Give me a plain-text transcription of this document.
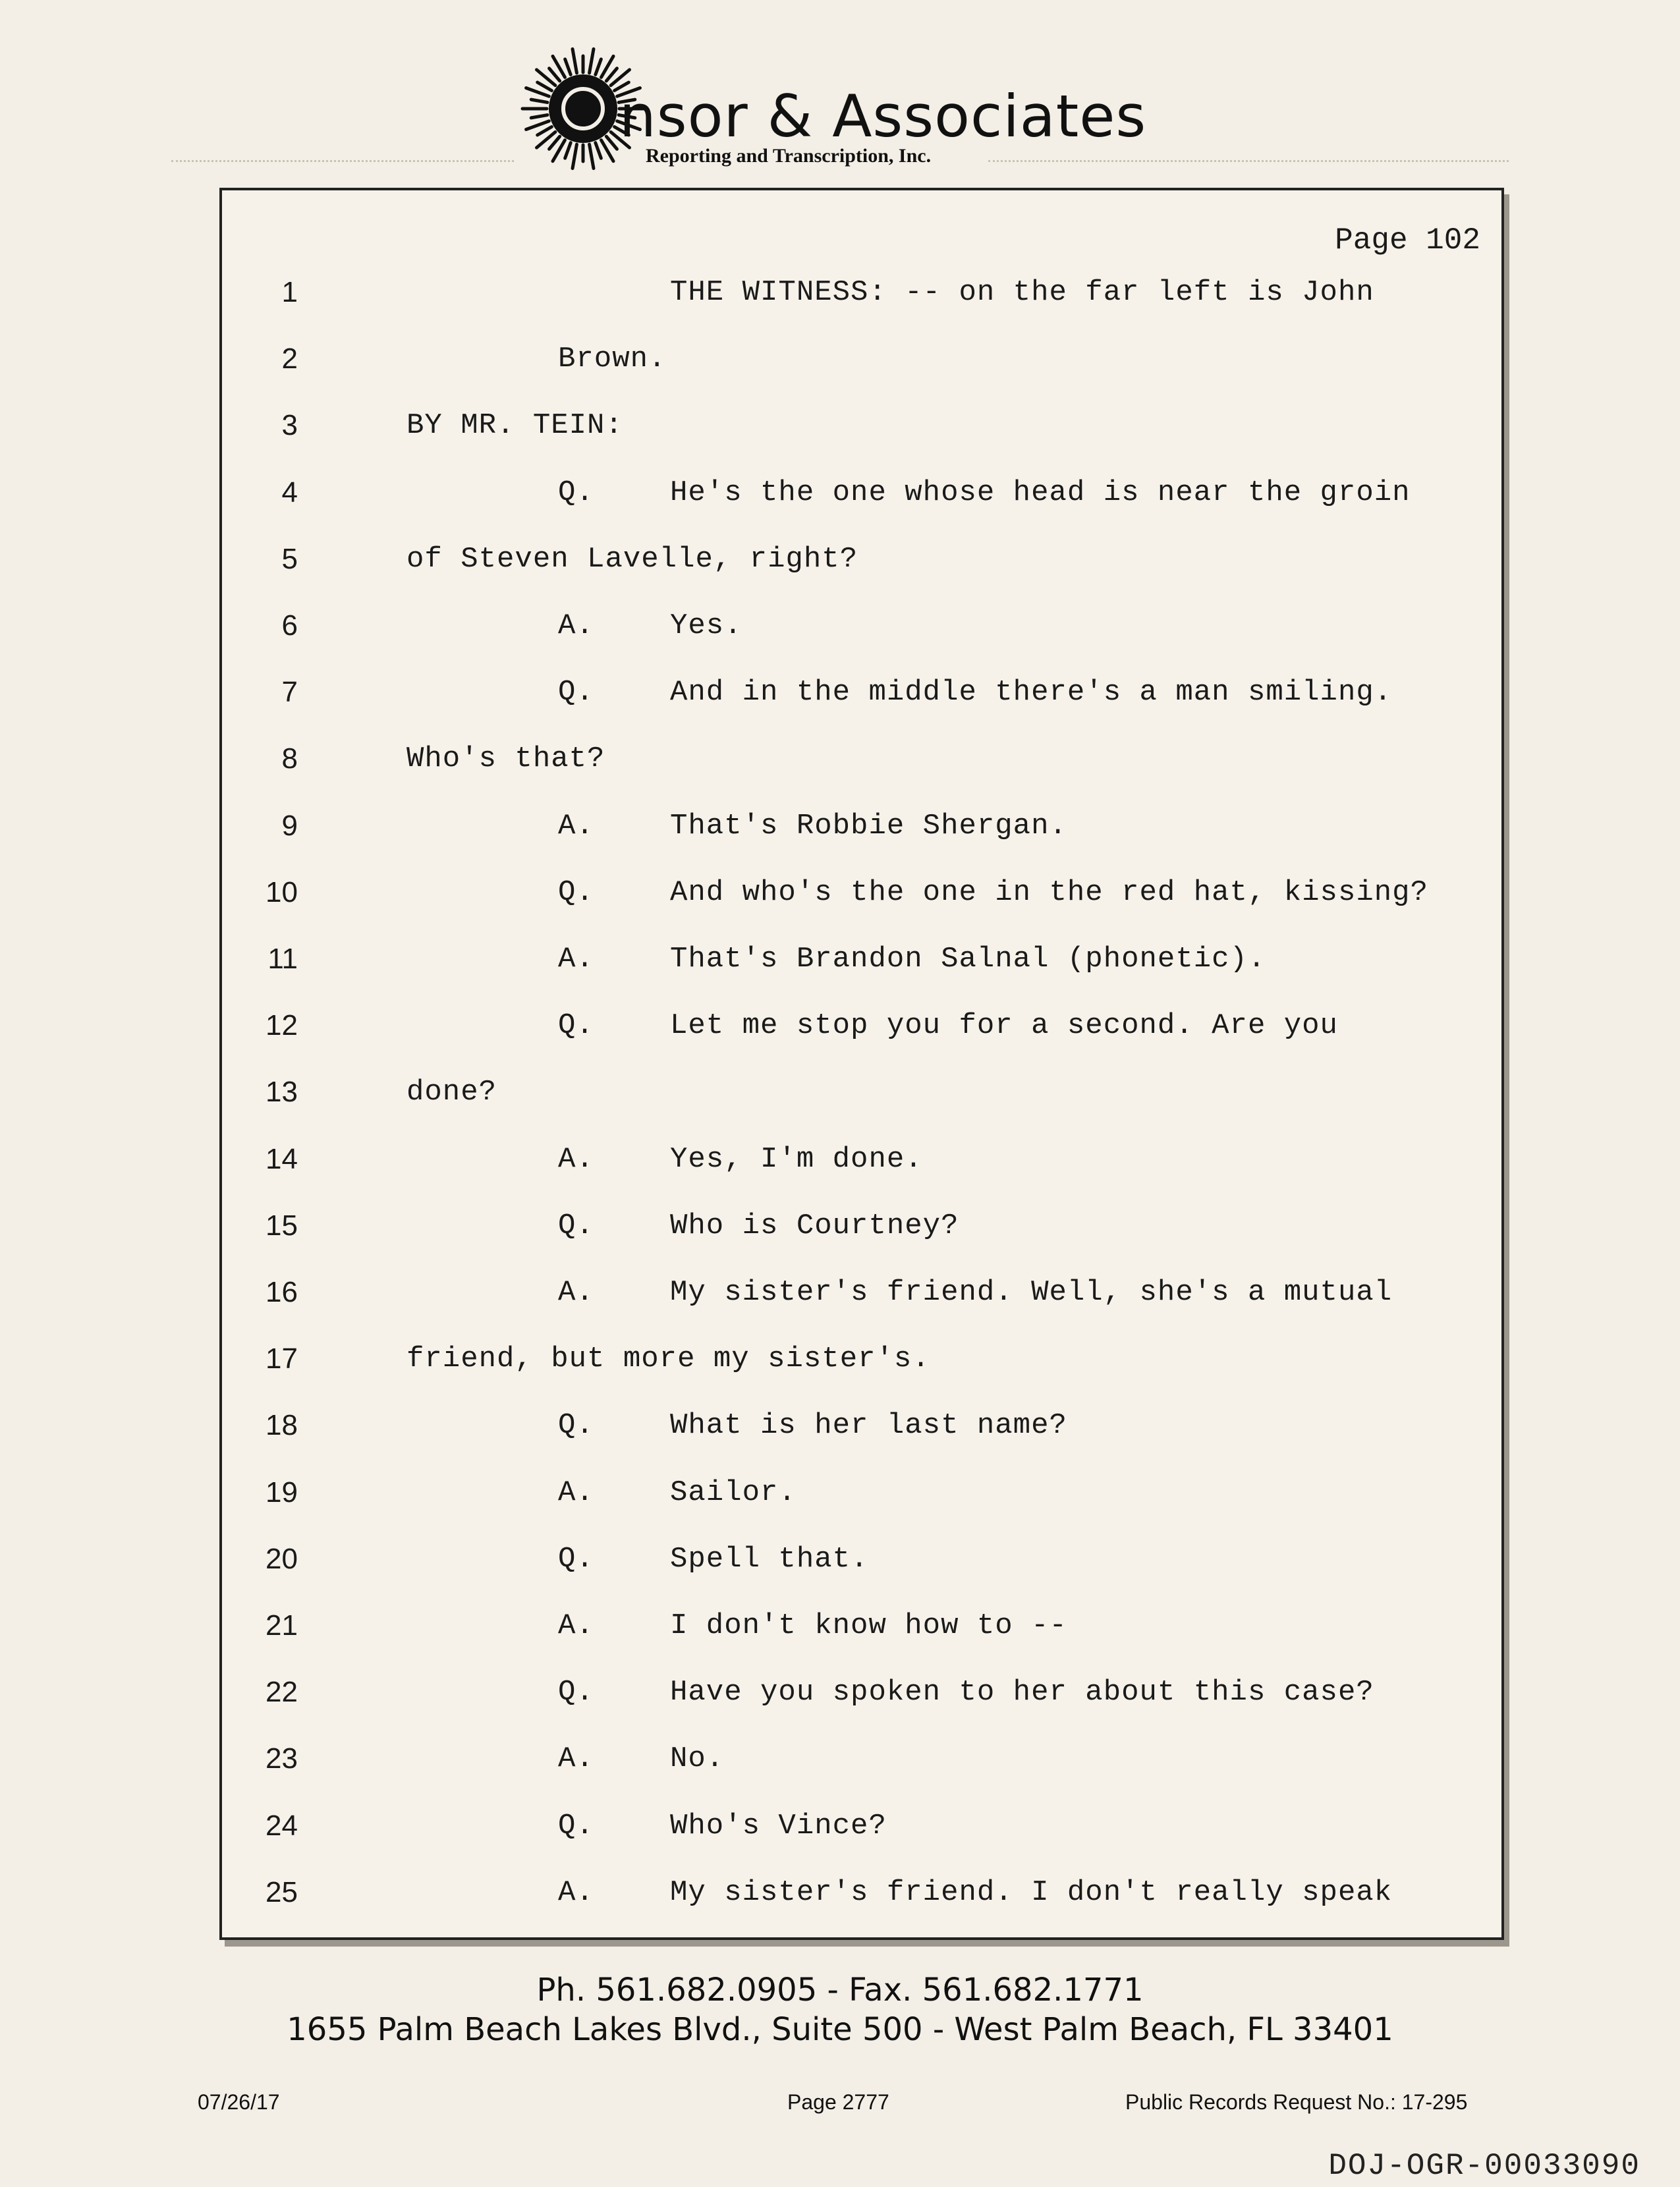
nsor & Associates
Reporting and Transcription, Inc.
Page 102
1	THE WITNESS: -- on the far left is John
2	Brown.
3	BY MR. TEIN:
4	Q.	He's the one whose head is near the groin
5	of Steven Lavelle, right?
6	A.	Yes.
7	Q.	And in the middle there's a man smiling.
8	Who's that?
9	A.	That's Robbie Shergan.
10	Q.	And who's the one in the red hat, kissing?
11	A.	That's Brandon Salnal (phonetic).
12	Q.	Let me stop you for a second. Are you
13	done?
14	A.	Yes, I'm done.
15	Q.	Who is Courtney?
16	A.	My sister's friend. Well, she's a mutual
17	friend, but more my sister's.
18	Q.	What is her last name?
19	A.	Sailor.
20	Q.	Spell that.
21	A.	I don't know how to --
22	Q.	Have you spoken to her about this case?
23	A.	No.
24	Q.	Who's Vince?
25	A.	My sister's friend. I don't really speak
Ph. 561.682.0905 - Fax. 561.682.1771
1655 Palm Beach Lakes Blvd., Suite 500 - West Palm Beach, FL 33401
07/26/17	Page 2777	Public Records Request No.: 17-295
DOJ-OGR-00033090
